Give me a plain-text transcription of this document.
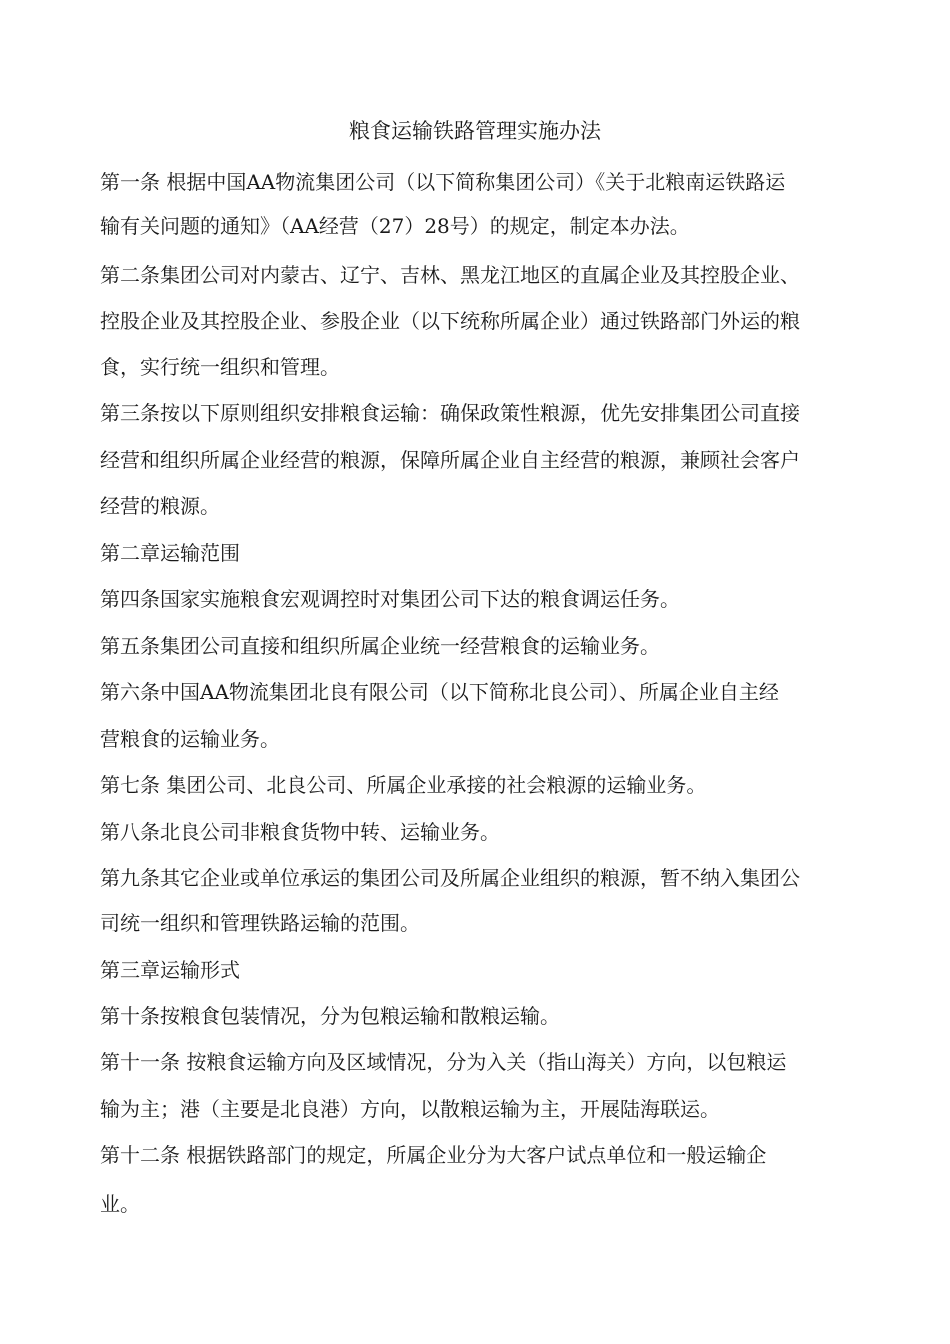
粮食运输铁路管理实施办法
第一条 根据中国AA物流集团公司（以下简称集团公司）《关于北粮南运铁路运
输有关问题的通知》（AA经营（27）28号）的规定，制定本办法。
第二条集团公司对内蒙古、辽宁、吉林、黑龙江地区的直属企业及其控股企业、
控股企业及其控股企业、参股企业（以下统称所属企业）通过铁路部门外运的粮
食，实行统一组织和管理。
第三条按以下原则组织安排粮食运输：确保政策性粮源，优先安排集团公司直接
经营和组织所属企业经营的粮源，保障所属企业自主经营的粮源，兼顾社会客户
经营的粮源。
第二章运输范围
第四条国家实施粮食宏观调控时对集团公司下达的粮食调运任务。
第五条集团公司直接和组织所属企业统一经营粮食的运输业务。
第六条中国AA物流集团北良有限公司（以下简称北良公司）、所属企业自主经
营粮食的运输业务。
第七条 集团公司、北良公司、所属企业承接的社会粮源的运输业务。
第八条北良公司非粮食货物中转、运输业务。
第九条其它企业或单位承运的集团公司及所属企业组织的粮源，暂不纳入集团公
司统一组织和管理铁路运输的范围。
第三章运输形式
第十条按粮食包装情况，分为包粮运输和散粮运输。
第十一条 按粮食运输方向及区域情况，分为入关（指山海关）方向，以包粮运
输为主；港（主要是北良港）方向，以散粮运输为主，开展陆海联运。
第十二条 根据铁路部门的规定，所属企业分为大客户试点单位和一般运输企
业。
